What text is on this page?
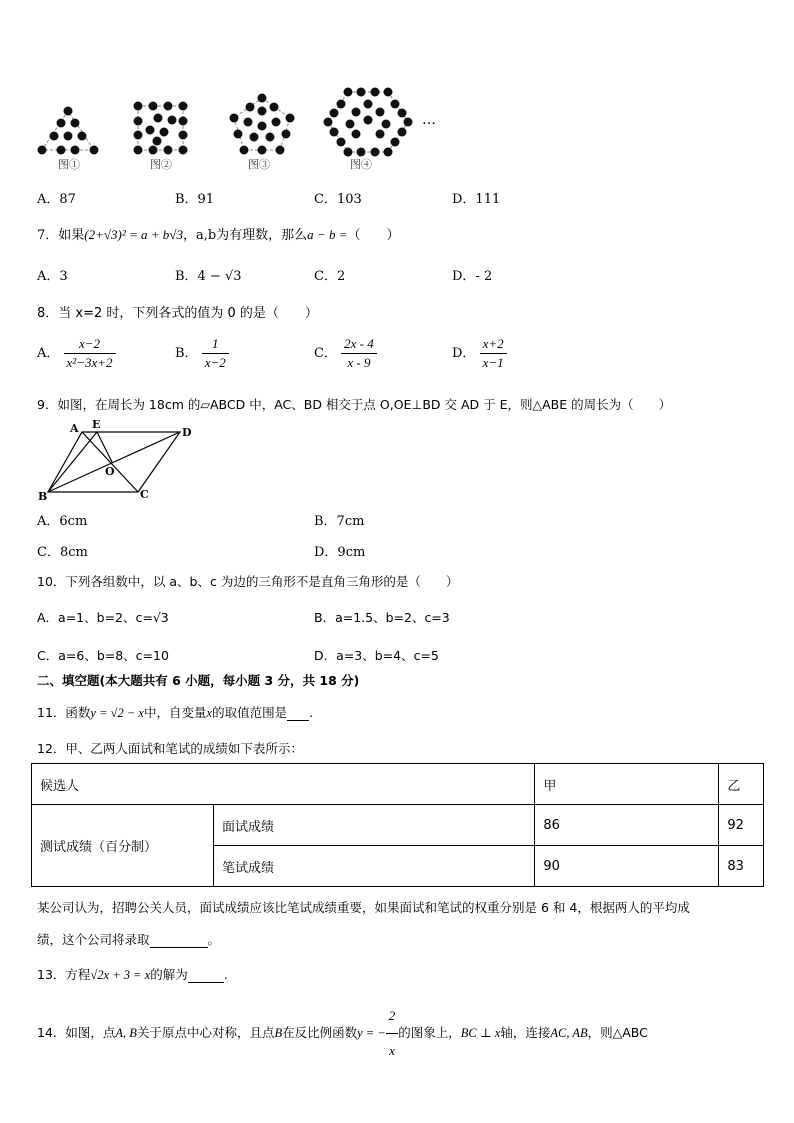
图①	图②	图③	图④
…
A．87	B．91	C．103	D．111
7．如果(2+√3)² = a + b√3，a,b为有理数，那么a − b =（　　）
A．3	B．4 − √3	C．2	D．- 2
8．当 x=2 时，下列各式的值为 0 的是（　　）
A． $\frac{x-2}{\text{x²−3x+2}}$	B． $\frac{1}{x-2}$	C． $\frac{2x - 4}{x - 9}$	D． $\frac{x+2}{x-1}$
9．如图，在周长为 18cm 的▱ABCD 中，AC、BD 相交于点 O,OE⊥BD 交 AD 于 E，则△ABE 的周长为（　　）
A E
D
O
B	C
A．6cm	B．7cm
C．8cm	D．9cm
10．下列各组数中，以 a、b、c 为边的三角形不是直角三角形的是（　　）
A．a=1、b=2、c=√3	B．a=1.5、b=2、c=3
C．a=6、b=8、c=10	D．a=3、b=4、c=5
二、填空题(本大题共有 6 小题，每小题 3 分，共 18 分)
11．函数y = √2 − x中，自变量x的取值范围是 .
12．甲、乙两人面试和笔试的成绩如下表所示：
候选人		甲	乙
测试成绩（百分制）	面试成绩	86	92
	笔试成绩	90	83
某公司认为，招聘公关人员，面试成绩应该比笔试成绩重要，如果面试和笔试的权重分别是 6 和 4，根据两人的平均成
绩，这个公司将录取	。
13．方程√2x + 3 = x的解为	.
14．如图，点A, B关于原点中心对称，且点B在反比例函数y = − $\frac{2}{x}$ 的图象上，BC ⊥ x轴，连接AC, AB，则△ABC
